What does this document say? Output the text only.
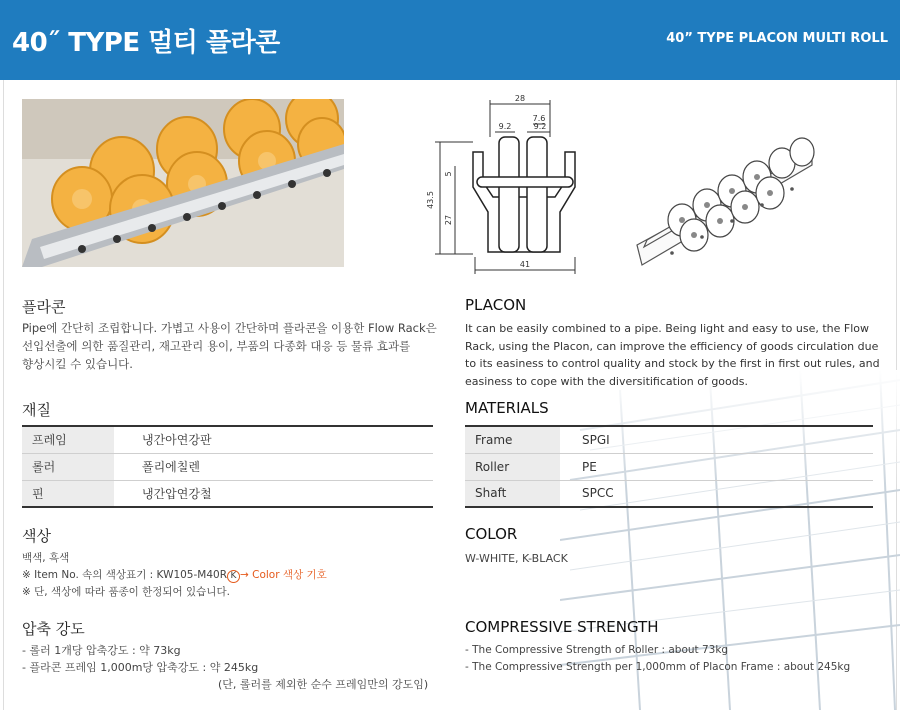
40˝ TYPE 멀티 플라콘	40” TYPE PLACON MULTI ROLL
28
7.6
9.2	9.2
43.5
27
5
41
플라콘
Pipe에 간단히 조립합니다. 가볍고 사용이 간단하며 플라콘을 이용한 Flow Rack은
선입선출에 의한 품질관리, 재고관리 용이, 부품의 다종화 대응 등 물류 효과를
향상시킬 수 있습니다.
재질
프레임	냉간아연강판
롤러	폴리에칠렌
핀	냉간압연강철
색상
백색, 흑색
※ Item No. 속의 색상표기 : KW105-M40R K → Color 색상 기호
※ 단, 색상에 따라 품종이 한정되어 있습니다.
압축 강도
- 롤러 1개당 압축강도 : 약 73kg
- 플라콘 프레임 1,000m당 압축강도 : 약 245kg
(단, 롤러를 제외한 순수 프레임만의 강도임)
PLACON
It can be easily combined to a pipe. Being light and easy to use, the Flow
Rack, using the Placon, can improve the efficiency of goods circulation due
to its easiness to control quality and stock by the first in first out rules, and
easiness to cope with the diversitification of goods.
MATERIALS
Frame	SPGI
Roller	PE
Shaft	SPCC
COLOR
W-WHITE, K-BLACK
COMPRESSIVE STRENGTH
- The Compressive Strength of Roller : about 73kg
- The Compressive Strength per 1,000mm of Placon Frame : about 245kg
